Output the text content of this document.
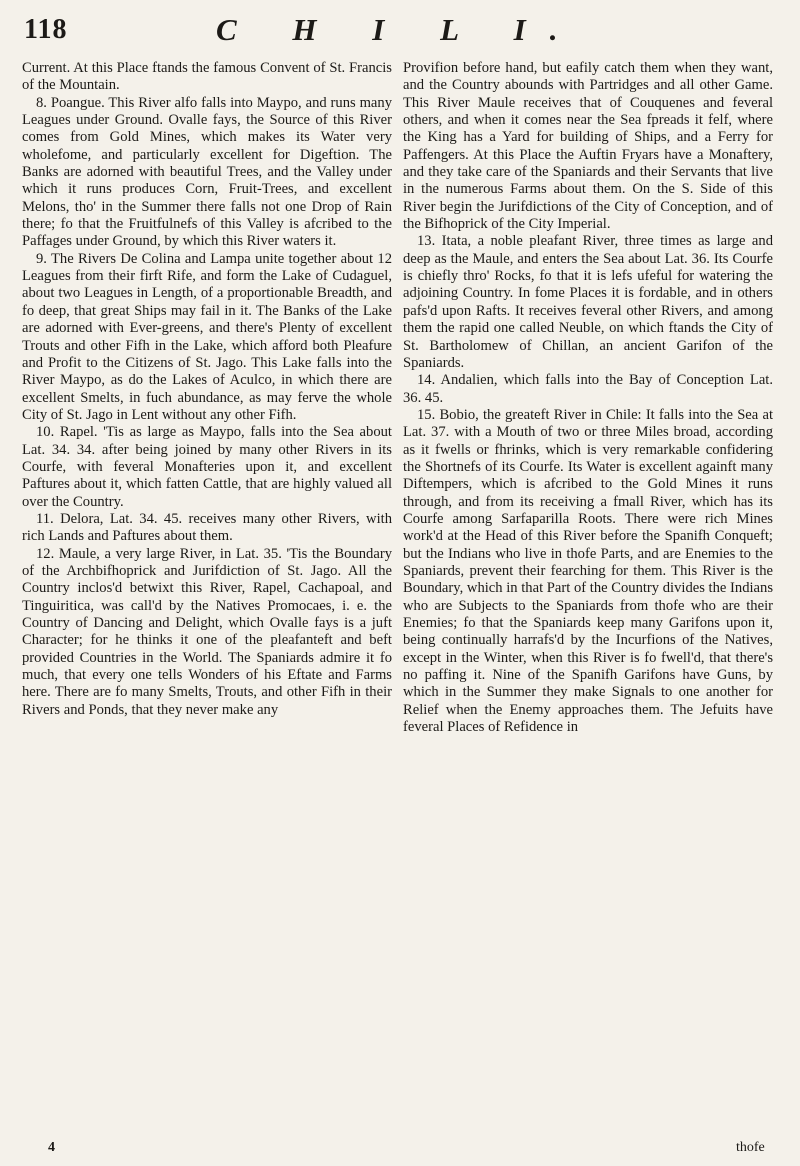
118	C H I L I.

Current. At this Place ftands the famous Convent of St. Francis of the Mountain.

8. Poangue. This River alfo falls into Maypo, and runs many Leagues under Ground. Ovalle fays, the Source of this River comes from Gold Mines, which makes its Water very wholefome, and particularly excellent for Digeftion. The Banks are adorned with beautiful Trees, and the Valley under which it runs produces Corn, Fruit-Trees, and excellent Melons, tho' in the Summer there falls not one Drop of Rain there; fo that the Fruitfulnefs of this Valley is afcribed to the Paffages under Ground, by which this River waters it.

9. The Rivers De Colina and Lampa unite together about 12 Leagues from their firft Rife, and form the Lake of Cudaguel, about two Leagues in Length, of a proportionable Breadth, and fo deep, that great Ships may fail in it. The Banks of the Lake are adorned with Ever-greens, and there's Plenty of excellent Trouts and other Fifh in the Lake, which afford both Pleafure and Profit to the Citizens of St. Jago. This Lake falls into the River Maypo, as do the Lakes of Aculco, in which there are excellent Smelts, in fuch abundance, as may ferve the whole City of St. Jago in Lent without any other Fifh.

10. Rapel. 'Tis as large as Maypo, falls into the Sea about Lat. 34. 34. after being joined by many other Rivers in its Courfe, with feveral Monafteries upon it, and excellent Paftures about it, which fatten Cattle, that are highly valued all over the Country.

11. Delora, Lat. 34. 45. receives many other Rivers, with rich Lands and Paftures about them.

12. Maule, a very large River, in Lat. 35. 'Tis the Boundary of the Archbifhoprick and Jurifdiction of St. Jago. All the Country inclos'd betwixt this River, Rapel, Cachapoal, and Tinguiritica, was call'd by the Natives Promocaes, i. e. the Country of Dancing and Delight, which Ovalle fays is a juft Character; for he thinks it one of the pleafanteft and beft provided Countries in the World. The Spaniards admire it fo much, that every one tells Wonders of his Eftate and Farms here. There are fo many Smelts, Trouts, and other Fifh in their Rivers and Ponds, that they never make any

Provifion before hand, but eafily catch them when they want, and the Country abounds with Partridges and all other Game. This River Maule receives that of Couquenes and feveral others, and when it comes near the Sea fpreads it felf, where the King has a Yard for building of Ships, and a Ferry for Paffengers. At this Place the Auftin Fryars have a Monaftery, and they take care of the Spaniards and their Servants that live in the numerous Farms about them. On the S. Side of this River begin the Jurifdictions of the City of Conception, and of the Bifhoprick of the City Imperial.

13. Itata, a noble pleafant River, three times as large and deep as the Maule, and enters the Sea about Lat. 36. Its Courfe is chiefly thro' Rocks, fo that it is lefs ufeful for watering the adjoining Country. In fome Places it is fordable, and in others pafs'd upon Rafts. It receives feveral other Rivers, and among them the rapid one called Neuble, on which ftands the City of St. Bartholomew of Chillan, an ancient Garifon of the Spaniards.

14. Andalien, which falls into the Bay of Conception Lat. 36. 45.

15. Bobio, the greateft River in Chile: It falls into the Sea at Lat. 37. with a Mouth of two or three Miles broad, according as it fwells or fhrinks, which is very remarkable confidering the Shortnefs of its Courfe. Its Water is excellent againft many Diftempers, which is afcribed to the Gold Mines it runs through, and from its receiving a fmall River, which has its Courfe among Sarfaparilla Roots. There were rich Mines work'd at the Head of this River before the Spanifh Conqueft; but the Indians who live in thofe Parts, and are Enemies to the Spaniards, prevent their fearching for them. This River is the Boundary, which in that Part of the Country divides the Indians who are Subjects to the Spaniards from thofe who are their Enemies; fo that the Spaniards keep many Garifons upon it, being continually harrafs'd by the Incurfions of the Natives, except in the Winter, when this River is fo fwell'd, that there's no paffing it. Nine of the Spanifh Garifons have Guns, by which in the Summer they make Signals to one another for Relief when the Enemy approaches them. The Jefuits have feveral Places of Refidence in

4	thofe
